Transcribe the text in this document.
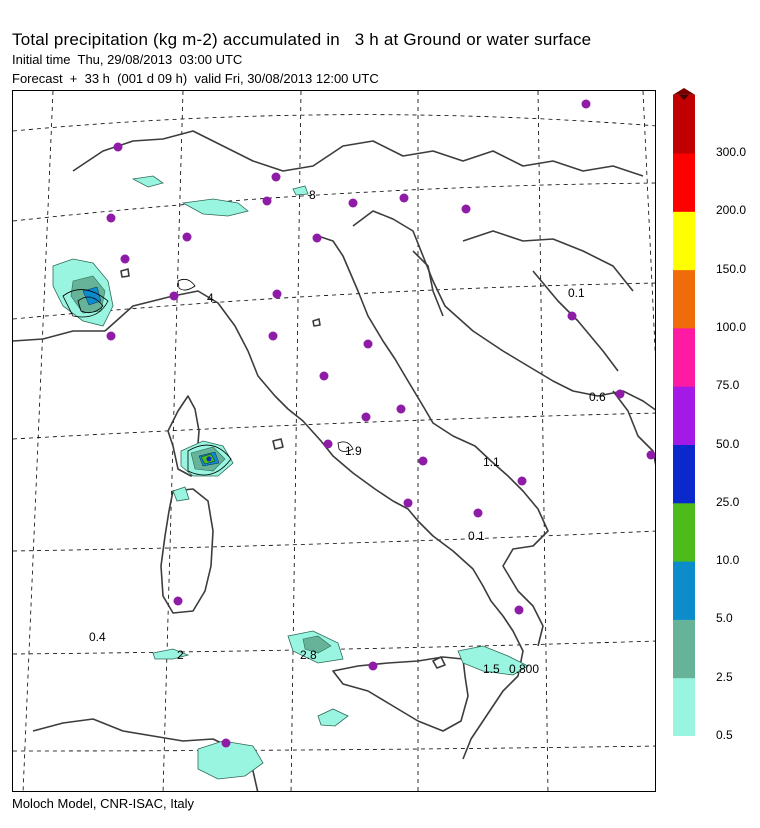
Total precipitation (kg m-2) accumulated in   3 h at Ground or water surface
Initial time  Thu, 29/08/2013  03:00 UTC
Forecast  +  33 h  (001 d 09 h)  valid Fri, 30/08/2013 12:00 UTC
8
4	0.1
0.6
1.9
1.1
0.1
0.4
2	2.8
1.5 0.800
0.5
2.5
5.0
10.0
25.0
50.0
75.0
100.0
150.0
200.0
300.0
Moloch Model, CNR-ISAC, Italy
